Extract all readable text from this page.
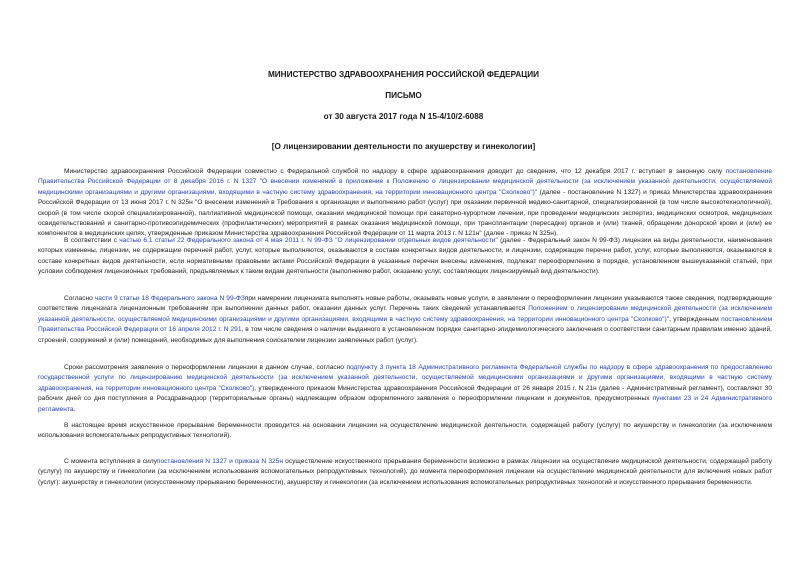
МИНИСТЕРСТВО ЗДРАВООХРАНЕНИЯ РОССИЙСКОЙ ФЕДЕРАЦИИ

ПИСЬМО

от 30 августа 2017 года N 15-4/10/2-6088

[О лицензировании деятельности по акушерству и гинекологии]

Министерство здравоохранения Российской Федерации совместно с Федеральной службой по надзору в сфере здравоохранения доводит до сведения, что 12 декабря 2017 г. вступает в законную силу постановление Правительства Российской Федерации от 8 декабря 2016 г. N 1327 "О внесении изменений в приложение к Положению о лицензировании медицинской деятельности (за исключением указанной деятельности, осуществляемой медицинскими организациями и другими организациями, входящими в частную систему здравоохранения, на территории инновационного центра "Сколково")" (далее - постановление N 1327) и приказ Министерства здравоохранения Российской Федерации от 13 июня 2017 г. N 325н "О внесении изменений в Требования к организации и выполнению работ (услуг) при оказании первичной медико-санитарной, специализированной (в том числе высокотехнологичной), скорой (в том числе скорой специализированной), паллиативной медицинской помощи, оказании медицинской помощи при санаторно-курортном лечении, при проведении медицинских экспертиз, медицинских осмотров, медицинских освидетельствований и санитарно-противоэпидемических (профилактических) мероприятий в рамках оказания медицинской помощи, при трансплантации (пересадке) органов и (или) тканей, обращении донорской крови и (или) ее компонентов в медицинских целях, утвержденные приказом Министерства здравоохранения Российской Федерации от 11 марта 2013 г. N 121н" (далее - приказ N 325н).

В соответствии с частью 6.1 статьи 22 Федерального закона от 4 мая 2011 г. N 99-ФЗ "О лицензировании отдельных видов деятельности" (далее - Федеральный закон N 99-ФЗ) лицензии на виды деятельности, наименования которых изменены, лицензии, не содержащие перечней работ, услуг, которые выполняются, оказываются в составе конкретных видов деятельности, и лицензии, содержащие перечни работ, услуг, которые выполняются, оказываются в составе конкретных видов деятельности, если нормативными правовыми актами Российской Федерации в указанные перечни внесены изменения, подлежат переоформлению в порядке, установленном вышеуказанной статьей, при условии соблюдения лицензионных требований, предъявляемых к таким видам деятельности (выполнению работ, оказанию услуг, составляющих лицензируемый вид деятельности).

Согласно части 9 статьи 18 Федерального закона N 99-ФЗпри намерении лицензиата выполнять новые работы, оказывать новые услуги, в заявлении о переоформлении лицензии указываются также сведения, подтверждающие соответствие лицензиата лицензионным требованиям при выполнении данных работ, оказании данных услуг. Перечень таких сведений устанавливается Положением о лицензировании медицинской деятельности (за исключением указанной деятельности, осуществляемой медицинскими организациями и другими организациями, входящими в частную систему здравоохранения, на территории инновационного центра "Сколково")", утвержденным постановлением Правительства Российской Федерации от 16 апреля 2012 г. N 291, в том числе сведения о наличии выданного в установленном порядке санитарно-эпидемиологического заключения о соответствии санитарным правилам именно зданий, строений, сооружений и (или) помещений, необходимых для выполнения соискателем лицензии заявленных работ (услуг).

Сроки рассмотрения заявления о переоформлении лицензии в данном случае, согласно подпункту 3 пункта 18 Административного регламента Федеральной службы по надзору в сфере здравоохранения по предоставлению государственной услуги по лицензированию медицинской деятельности (за исключением указанной деятельности, осуществляемой медицинскими организациями и другими организациями, входящими в частную систему здравоохранения, на территории инновационного центра "Сколково"), утвержденного приказом Министерства здравоохранения Российской Федерации от 26 января 2015 г. N 21н (далее - Административный регламент), составляют 30 рабочих дней со дня поступления в Росздравнадзор (территориальные органы) надлежащим образом оформленного заявления о переоформлении лицензии и документов, предусмотренных пунктами 23 и 24 Административного регламента.

В настоящее время искусственное прерывание беременности проводится на основании лицензии на осуществление медицинской деятельности, содержащей работу (услугу) по акушерству и гинекологии (за исключением использования вспомогательных репродуктивных технологий).

С момента вступления в силупостановления N 1327 и приказа N 325н осуществление искусственного прерывания беременности возможно в рамках лицензии на осуществление медицинской деятельности, содержащей работу (услугу) по акушерству и гинекологии (за исключением использования вспомогательных репродуктивных технологий), до момента переоформления лицензии на осуществление медицинской деятельности для включения новых работ (услуг): акушерству и гинекологии (искусственному прерыванию беременности), акушерству и гинекологии (за исключением использования вспомогательных репродуктивных технологий и искусственного прерывания беременности.
